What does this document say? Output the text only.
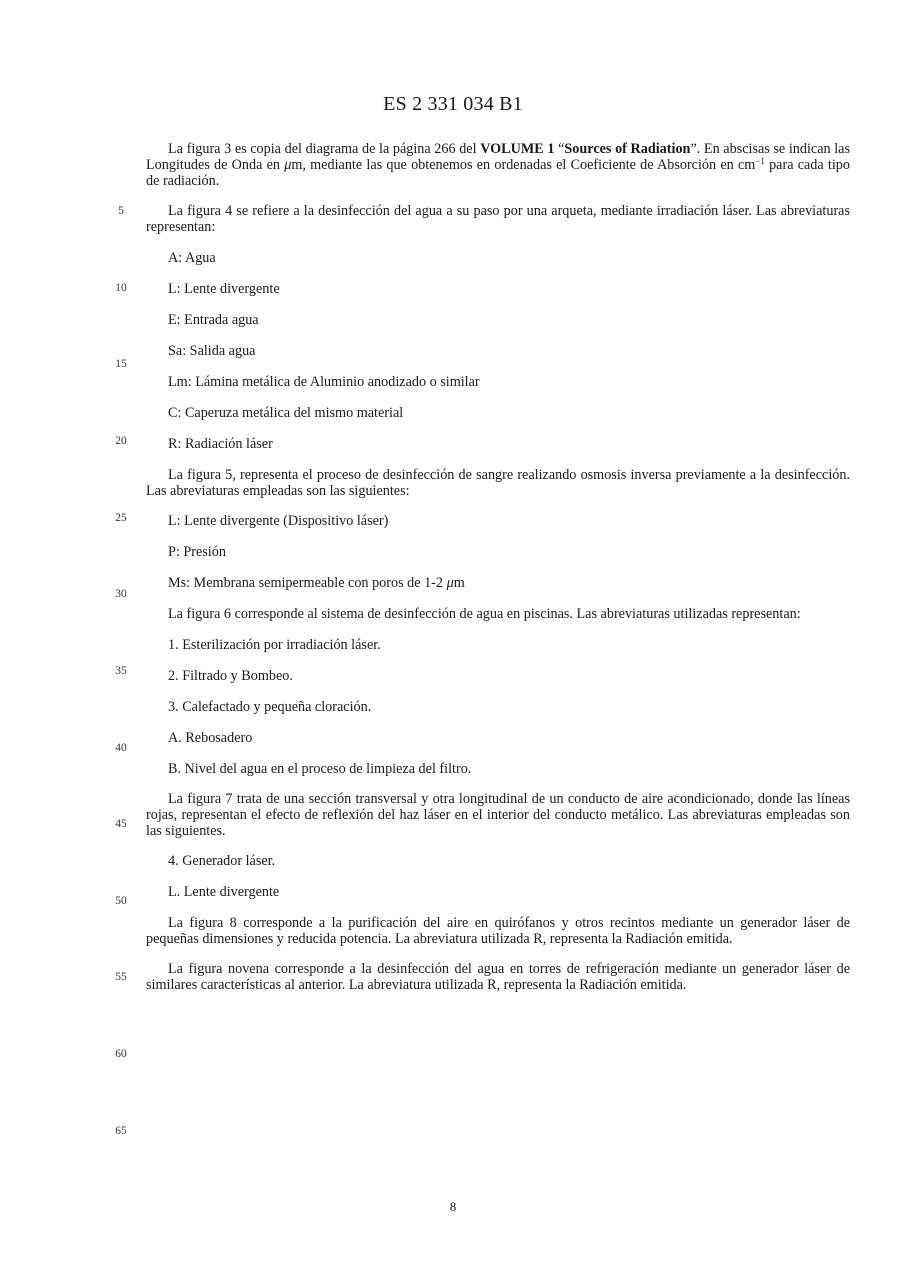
ES 2 331 034 B1

La figura 3 es copia del diagrama de la página 266 del VOLUME 1 “Sources of Radiation”. En abscisas se indican las Longitudes de Onda en μm, mediante las que obtenemos en ordenadas el Coeficiente de Absorción en $cm^{-1}$ para cada tipo de radiación.

La figura 4 se refiere a la desinfección del agua a su paso por una arqueta, mediante irradiación láser. Las abreviaturas representan:

A: Agua

L: Lente divergente

E: Entrada agua

Sa: Salida agua

Lm: Lámina metálica de Aluminio anodizado o similar

C: Caperuza metálica del mismo material

R: Radiación láser

La figura 5, representa el proceso de desinfección de sangre realizando osmosis inversa previamente a la desinfección. Las abreviaturas empleadas son las siguientes:

L: Lente divergente (Dispositivo láser)

P: Presión

Ms: Membrana semipermeable con poros de 1-2 μm

La figura 6 corresponde al sistema de desinfección de agua en piscinas. Las abreviaturas utilizadas representan:

1. Esterilización por irradiación láser.

2. Filtrado y Bombeo.

3. Calefactado y pequeña cloración.

A. Rebosadero

B. Nivel del agua en el proceso de limpieza del filtro.

La figura 7 trata de una sección transversal y otra longitudinal de un conducto de aire acondicionado, donde las líneas rojas, representan el efecto de reflexión del haz láser en el interior del conducto metálico. Las abreviaturas empleadas son las siguientes.

4. Generador láser.

L. Lente divergente

La figura 8 corresponde a la purificación del aire en quirófanos y otros recintos mediante un generador láser de pequeñas dimensiones y reducida potencia. La abreviatura utilizada R, representa la Radiación emitida.

La figura novena corresponde a la desinfección del agua en torres de refrigeración mediante un generador láser de similares características al anterior. La abreviatura utilizada R, representa la Radiación emitida.

5
10
15
20
25
30
35
40
45
50
55
60
65
8
